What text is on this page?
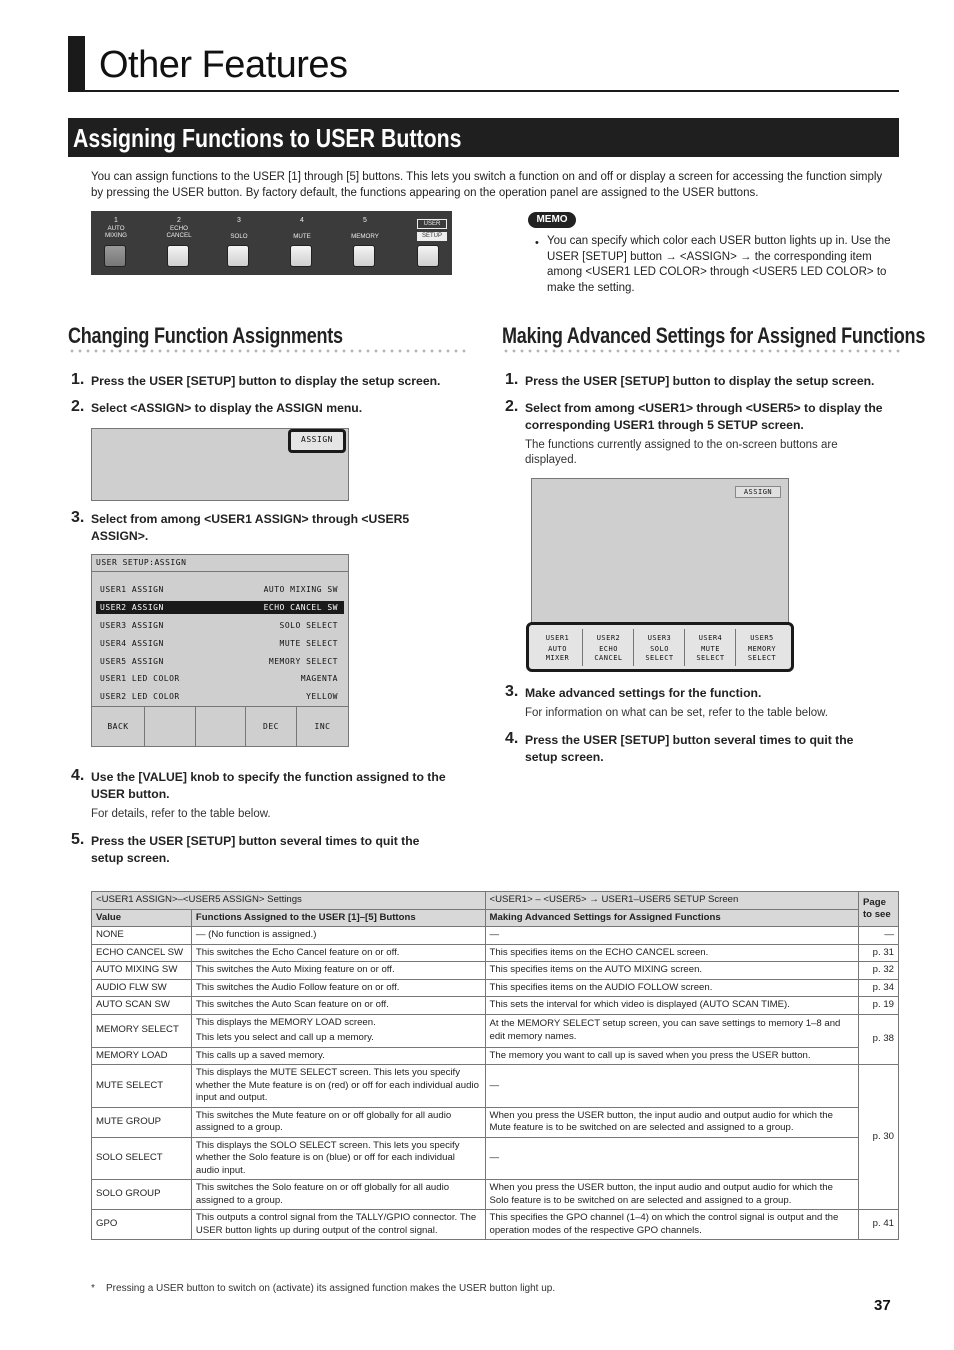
Other Features
Assigning Functions to USER Buttons
You can assign functions to the USER [1] through [5] buttons. This lets you switch a function on and off or display a screen for accessing the function simply by pressing the USER button. By factory default, the functions appearing on the operation panel are assigned to the USER buttons.
1
AUTO
MIXING
2
ECHO
CANCEL
3
SOLO
4
MUTE
5
MEMORY
USER
SETUP
MEMO
• You can specify which color each USER button lights up in. Use the USER [SETUP] button → <ASSIGN> → the corresponding item among <USER1 LED COLOR> through <USER5 LED COLOR> to make the setting.
Changing Function Assignments
1. Press the USER [SETUP] button to display the setup screen.
2. Select <ASSIGN> to display the ASSIGN menu.
ASSIGN
3. Select from among <USER1 ASSIGN> through <USER5 ASSIGN>.
USER SETUP:ASSIGN
USER1 ASSIGN	AUTO MIXING SW
USER2 ASSIGN	ECHO CANCEL SW
USER3 ASSIGN	SOLO SELECT
USER4 ASSIGN	MUTE SELECT
USER5 ASSIGN	MEMORY SELECT
USER1 LED COLOR	MAGENTA
USER2 LED COLOR	YELLOW
BACK	DEC	INC
4. Use the [VALUE] knob to specify the function assigned to the USER button.
For details, refer to the table below.
5. Press the USER [SETUP] button several times to quit the setup screen.
Making Advanced Settings for Assigned Functions
1. Press the USER [SETUP] button to display the setup screen.
2. Select from among <USER1> through <USER5> to display the corresponding USER1 through 5 SETUP screen.
The functions currently assigned to the on-screen buttons are displayed.
ASSIGN
USER1
AUTO
MIXER
USER2
ECHO
CANCEL
USER3
SOLO
SELECT
USER4
MUTE
SELECT
USER5
MEMORY
SELECT
3. Make advanced settings for the function.
For information on what can be set, refer to the table below.
4. Press the USER [SETUP] button several times to quit the setup screen.
<USER1 ASSIGN>–<USER5 ASSIGN> Settings		<USER1> – <USER5> → USER1–USER5 SETUP Screen	Page to see
Value	Functions Assigned to the USER [1]–[5] Buttons	Making Advanced Settings for Assigned Functions	
NONE	— (No function is assigned.)	—	—
ECHO CANCEL SW	This switches the Echo Cancel feature on or off.	This specifies items on the ECHO CANCEL screen.	p. 31
AUTO MIXING SW	This switches the Auto Mixing feature on or off.	This specifies items on the AUTO MIXING screen.	p. 32
AUDIO FLW SW	This switches the Audio Follow feature on or off.	This specifies items on the AUDIO FOLLOW screen.	p. 34
AUTO SCAN SW	This switches the Auto Scan feature on or off.	This sets the interval for which video is displayed (AUTO SCAN TIME).	p. 19
MEMORY SELECT	This displays the MEMORY LOAD screen.
This lets you select and call up a memory.	At the MEMORY SELECT setup screen, you can save settings to memory 1–8 and edit memory names.	p. 38
MEMORY LOAD	This calls up a saved memory.	The memory you want to call up is saved when you press the USER button.	
MUTE SELECT	This displays the MUTE SELECT screen. This lets you specify whether the Mute feature is on (red) or off for each individual audio input and output.	—	p. 30
MUTE GROUP	This switches the Mute feature on or off globally for all audio assigned to a group.	When you press the USER button, the input audio and output audio for which the Mute feature is to be switched on are selected and assigned to a group.	
SOLO SELECT	This displays the SOLO SELECT screen. This lets you specify whether the Solo feature is on (blue) or off for each individual audio input.	—	
SOLO GROUP	This switches the Solo feature on or off globally for all audio assigned to a group.	When you press the USER button, the input audio and output audio for which the Solo feature is to be switched on are selected and assigned to a group.	
GPO	This outputs a control signal from the TALLY/GPIO connector. The USER button lights up during output of the control signal.	This specifies the GPO channel (1–4) on which the control signal is output and the operation modes of the respective GPO channels.	p. 41
*    Pressing a USER button to switch on (activate) its assigned function makes the USER button light up.
37
